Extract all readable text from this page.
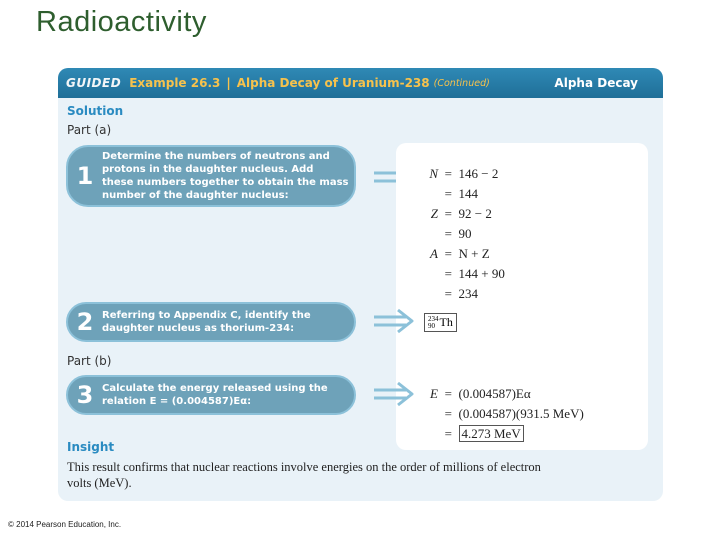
Radioactivity
GUIDED Example 26.3 | Alpha Decay of Uranium-238 (Continued)	Alpha Decay
Solution
Part (a)
1
Determine the numbers of neutrons and
protons in the daughter nucleus. Add
these numbers together to obtain the mass
number of the daughter nucleus:
N = 146 − 2
= 144
Z = 92 − 2
= 90
A = N + Z
= 144 + 90
= 234
234
90 Th
E = (0.004587)Eα
= (0.004587)(931.5 MeV)
= 4.273 MeV
2 Referring to Appendix C, identify the
daughter nucleus as thorium-234:
Part (b)
3 Calculate the energy released using the
relation E = (0.004587)Eα:
Insight
This result confirms that nuclear reactions involve energies on the order of millions of electron volts (MeV).
© 2014 Pearson Education, Inc.
